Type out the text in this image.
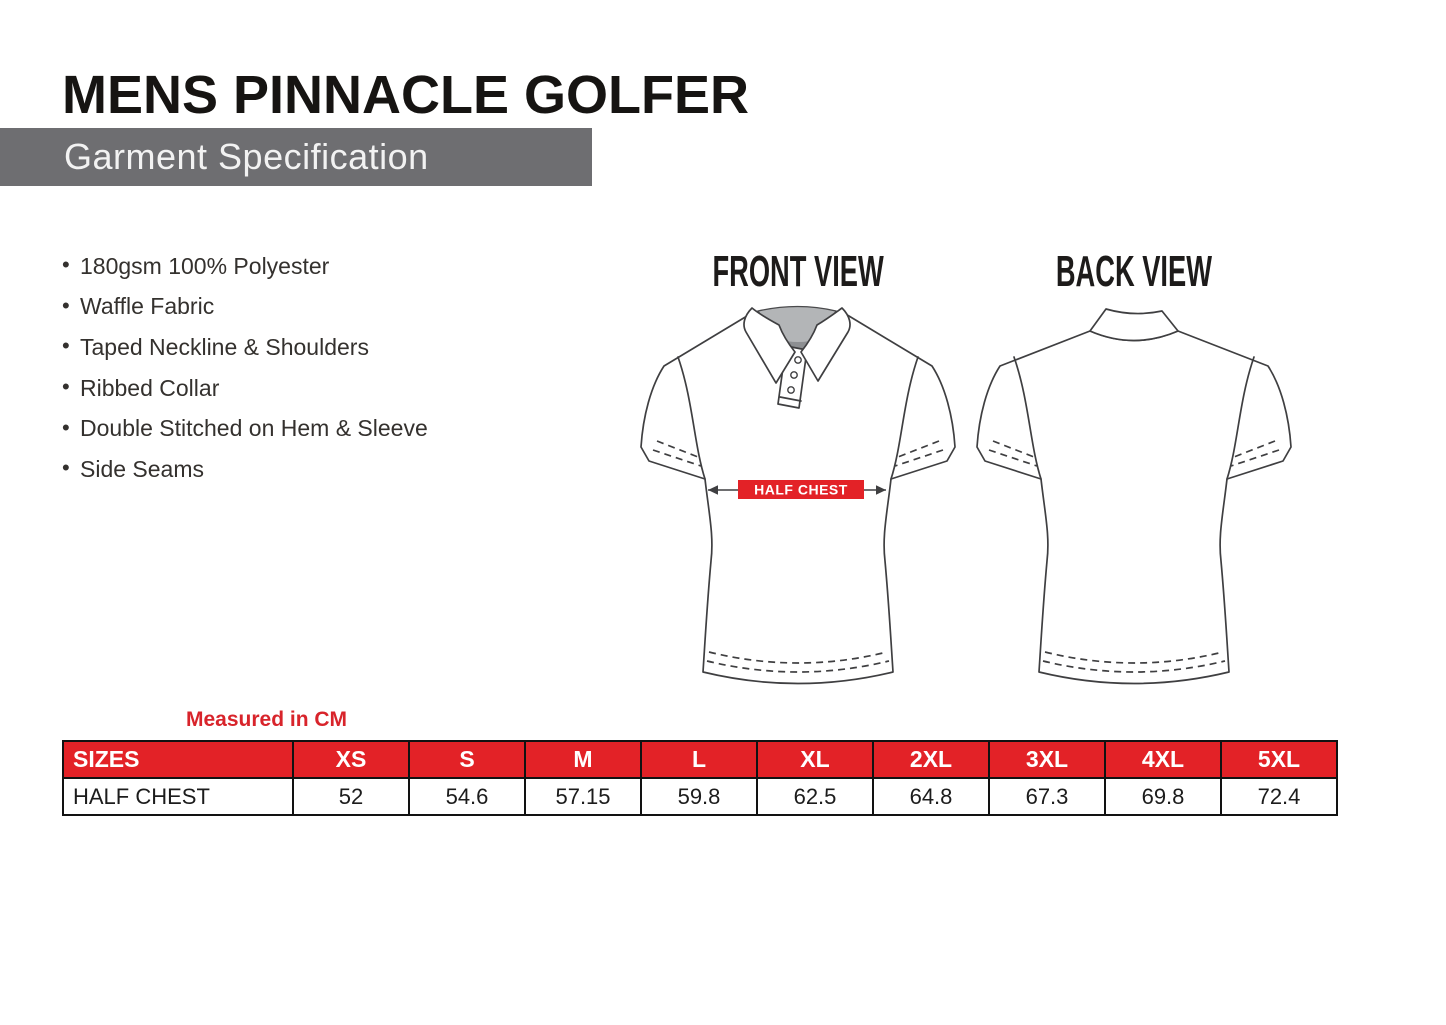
MENS PINNACLE GOLFER
Garment Specification
• 180gsm 100% Polyester
• Waffle Fabric
• Taped Neckline & Shoulders
• Ribbed Collar
• Double Stitched on Hem & Sleeve
• Side Seams
FRONT VIEW
HALF CHEST
BACK VIEW
Measured in CM
SIZES	XS	S	M	L	XL	2XL	3XL	4XL	5XL
HALF CHEST	52	54.6	57.15	59.8	62.5	64.8	67.3	69.8	72.4
